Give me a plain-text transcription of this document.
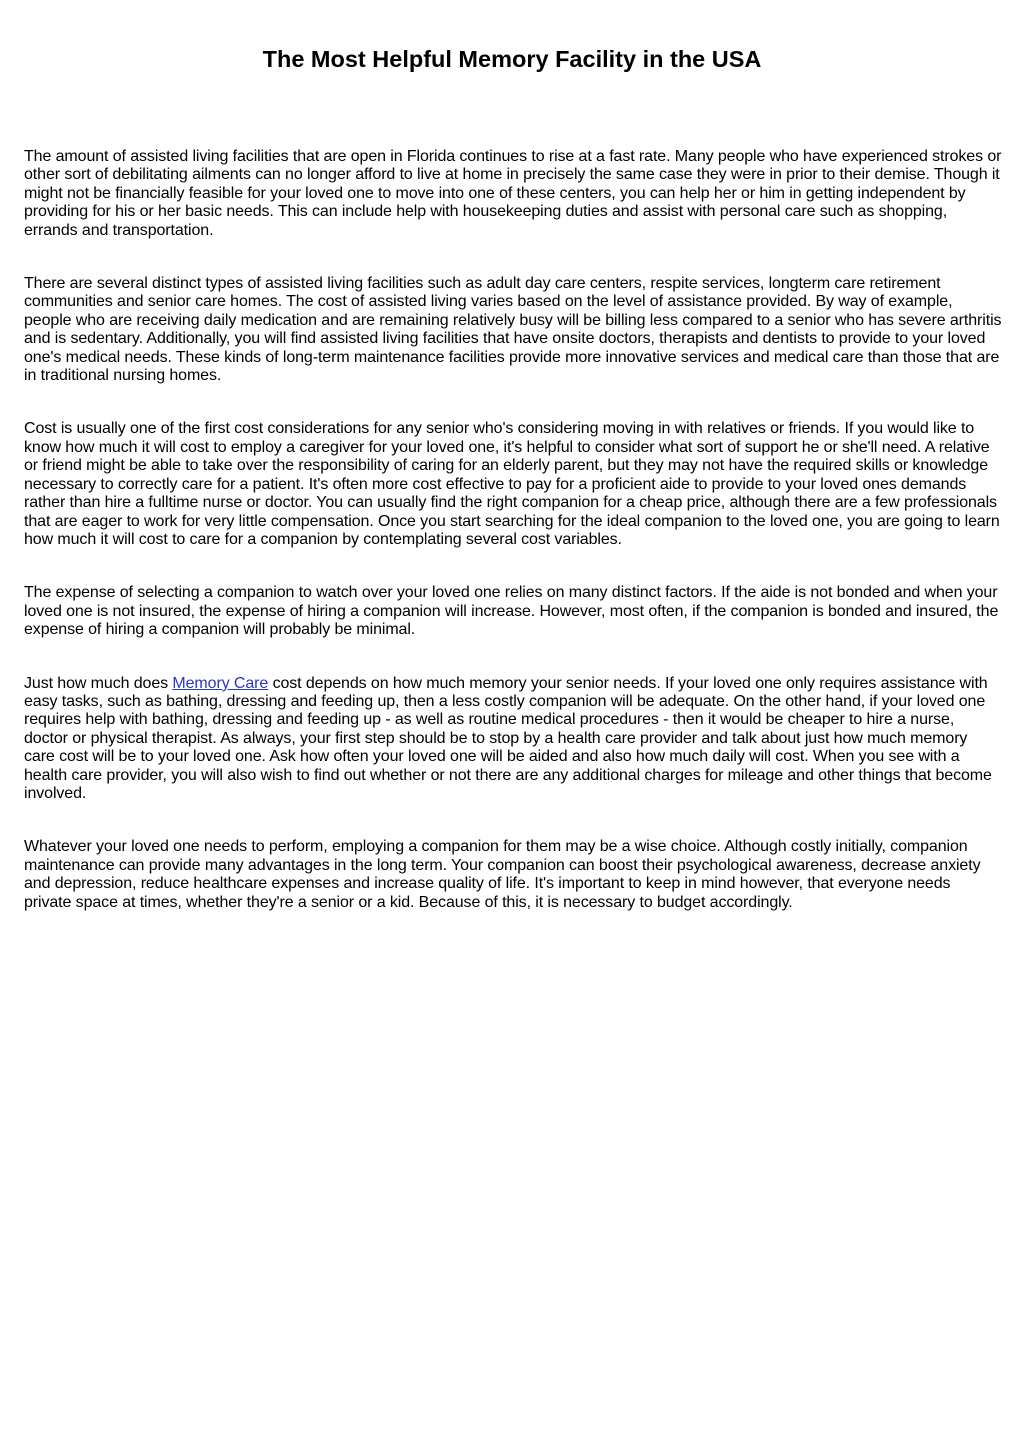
The Most Helpful Memory Facility in the USA

The amount of assisted living facilities that are open in Florida continues to rise at a fast rate. Many people who have experienced strokes or other sort of debilitating ailments can no longer afford to live at home in precisely the same case they were in prior to their demise. Though it might not be financially feasible for your loved one to move into one of these centers, you can help her or him in getting independent by providing for his or her basic needs. This can include help with housekeeping duties and assist with personal care such as shopping, errands and transportation.

There are several distinct types of assisted living facilities such as adult day care centers, respite services, longterm care retirement communities and senior care homes. The cost of assisted living varies based on the level of assistance provided. By way of example, people who are receiving daily medication and are remaining relatively busy will be billing less compared to a senior who has severe arthritis and is sedentary. Additionally, you will find assisted living facilities that have onsite doctors, therapists and dentists to provide to your loved one's medical needs. These kinds of long-term maintenance facilities provide more innovative services and medical care than those that are in traditional nursing homes.

Cost is usually one of the first cost considerations for any senior who's considering moving in with relatives or friends. If you would like to know how much it will cost to employ a caregiver for your loved one, it's helpful to consider what sort of support he or she'll need. A relative or friend might be able to take over the responsibility of caring for an elderly parent, but they may not have the required skills or knowledge necessary to correctly care for a patient. It's often more cost effective to pay for a proficient aide to provide to your loved ones demands rather than hire a fulltime nurse or doctor. You can usually find the right companion for a cheap price, although there are a few professionals that are eager to work for very little compensation. Once you start searching for the ideal companion to the loved one, you are going to learn how much it will cost to care for a companion by contemplating several cost variables.

The expense of selecting a companion to watch over your loved one relies on many distinct factors. If the aide is not bonded and when your loved one is not insured, the expense of hiring a companion will increase. However, most often, if the companion is bonded and insured, the expense of hiring a companion will probably be minimal.

Just how much does Memory Care cost depends on how much memory your senior needs. If your loved one only requires assistance with easy tasks, such as bathing, dressing and feeding up, then a less costly companion will be adequate. On the other hand, if your loved one requires help with bathing, dressing and feeding up - as well as routine medical procedures - then it would be cheaper to hire a nurse, doctor or physical therapist. As always, your first step should be to stop by a health care provider and talk about just how much memory care cost will be to your loved one. Ask how often your loved one will be aided and also how much daily will cost. When you see with a health care provider, you will also wish to find out whether or not there are any additional charges for mileage and other things that become involved.

Whatever your loved one needs to perform, employing a companion for them may be a wise choice. Although costly initially, companion maintenance can provide many advantages in the long term. Your companion can boost their psychological awareness, decrease anxiety and depression, reduce healthcare expenses and increase quality of life. It's important to keep in mind however, that everyone needs private space at times, whether they're a senior or a kid. Because of this, it is necessary to budget accordingly.
